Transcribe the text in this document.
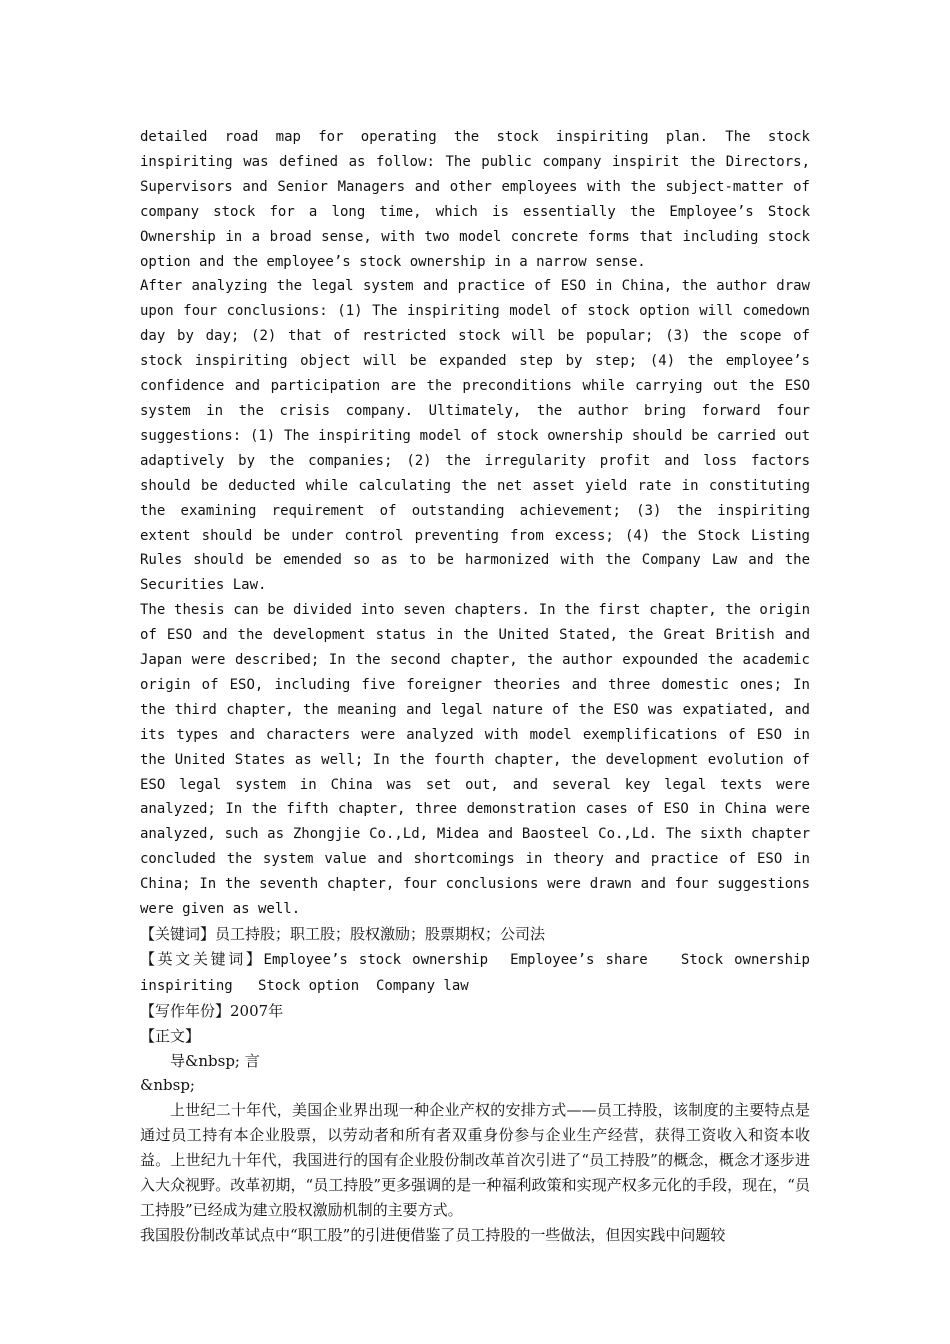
detailed road map for operating the stock inspiriting plan. The stock inspiriting was defined as follow: The public company inspirit the Directors, Supervisors and Senior Managers and other employees with the subject-matter of company stock for a long time, which is essentially the Employee’s Stock Ownership in a broad sense, with two model concrete forms that including stock option and the employee’s stock ownership in a narrow sense.

After analyzing the legal system and practice of ESO in China, the author draw upon four conclusions: (1) The inspiriting model of stock option will comedown day by day; (2) that of restricted stock will be popular; (3) the scope of stock inspiriting object will be expanded step by step; (4) the employee’s confidence and participation are the preconditions while carrying out the ESO system in the crisis company. Ultimately, the author bring forward four suggestions: (1) The inspiriting model of stock ownership should be carried out adaptively by the companies; (2) the irregularity profit and loss factors should be deducted while calculating the net asset yield rate in constituting the examining requirement of outstanding achievement; (3) the inspiriting extent should be under control preventing from excess; (4) the Stock Listing Rules should be emended so as to be harmonized with the Company Law and the Securities Law.

The thesis can be divided into seven chapters. In the first chapter, the origin of ESO and the development status in the United Stated, the Great British and Japan were described; In the second chapter, the author expounded the academic origin of ESO, including five foreigner theories and three domestic ones; In the third chapter, the meaning and legal nature of the ESO was expatiated, and its types and characters were analyzed with model exemplifications of ESO in the United States as well; In the fourth chapter, the development evolution of ESO legal system in China was set out, and several key legal texts were analyzed; In the fifth chapter, three demonstration cases of ESO in China were analyzed, such as Zhongjie Co.,Ld, Midea and Baosteel Co.,Ld. The sixth chapter concluded the system value and shortcomings in theory and practice of ESO in China; In the seventh chapter, four conclusions were drawn and four suggestions were given as well.

【关键词】员工持股；职工股；股权激励；股票期权；公司法

【英文关键词】Employee’s stock ownership  Employee’s share   Stock ownership inspiriting   Stock option  Company law

【写作年份】2007年

【正文】

导&nbsp; 言

&nbsp;

上世纪二十年代，美国企业界出现一种企业产权的安排方式——员工持股，该制度的主要特点是通过员工持有本企业股票，以劳动者和所有者双重身份参与企业生产经营，获得工资收入和资本收益。上世纪九十年代，我国进行的国有企业股份制改革首次引进了“员工持股”的概念，概念才逐步进入大众视野。改革初期，“员工持股”更多强调的是一种福利政策和实现产权多元化的手段，现在，“员工持股”已经成为建立股权激励机制的主要方式。

我国股份制改革试点中“职工股”的引进便借鉴了员工持股的一些做法，但因实践中问题较
